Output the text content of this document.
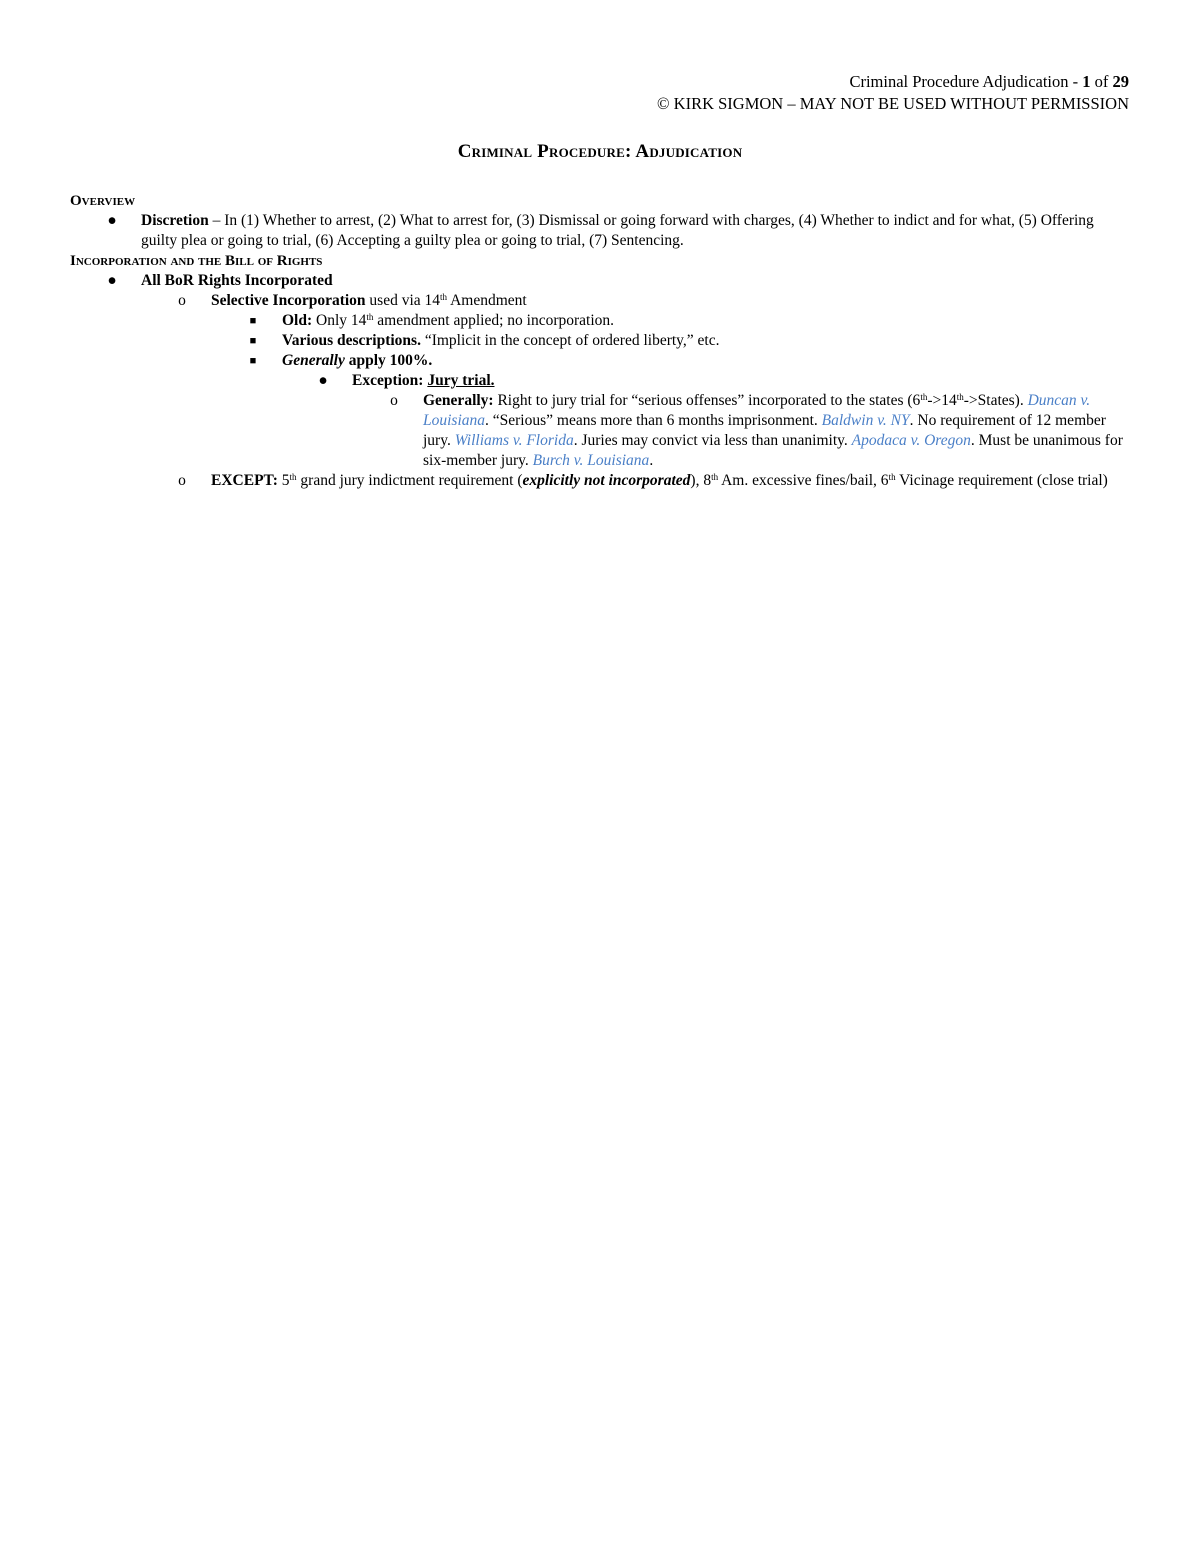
Criminal Procedure Adjudication - 1 of 29
© KIRK SIGMON – MAY NOT BE USED WITHOUT PERMISSION
Criminal Procedure: Adjudication
Overview
● Discretion – In (1) Whether to arrest, (2) What to arrest for, (3) Dismissal or going forward with charges, (4) Whether to indict and for what, (5) Offering guilty plea or going to trial, (6) Accepting a guilty plea or going to trial, (7) Sentencing.
Incorporation and the Bill of Rights
● All BoR Rights Incorporated
o Selective Incorporation used via 14th Amendment
■	Old: Only 14th amendment applied; no incorporation.
■	Various descriptions. “Implicit in the concept of ordered liberty,” etc.
■	Generally apply 100%.
● Exception: Jury trial.
o Generally: Right to jury trial for “serious offenses” incorporated to the states (6th->14th->States). Duncan v. Louisiana. “Serious” means more than 6 months imprisonment. Baldwin v. NY. No requirement of 12 member jury. Williams v. Florida. Juries may convict via less than unanimity. Apodaca v. Oregon. Must be unanimous for six-member jury. Burch v. Louisiana.
o EXCEPT: 5th grand jury indictment requirement (explicitly not incorporated), 8th Am. excessive fines/bail, 6th Vicinage requirement (close trial)
